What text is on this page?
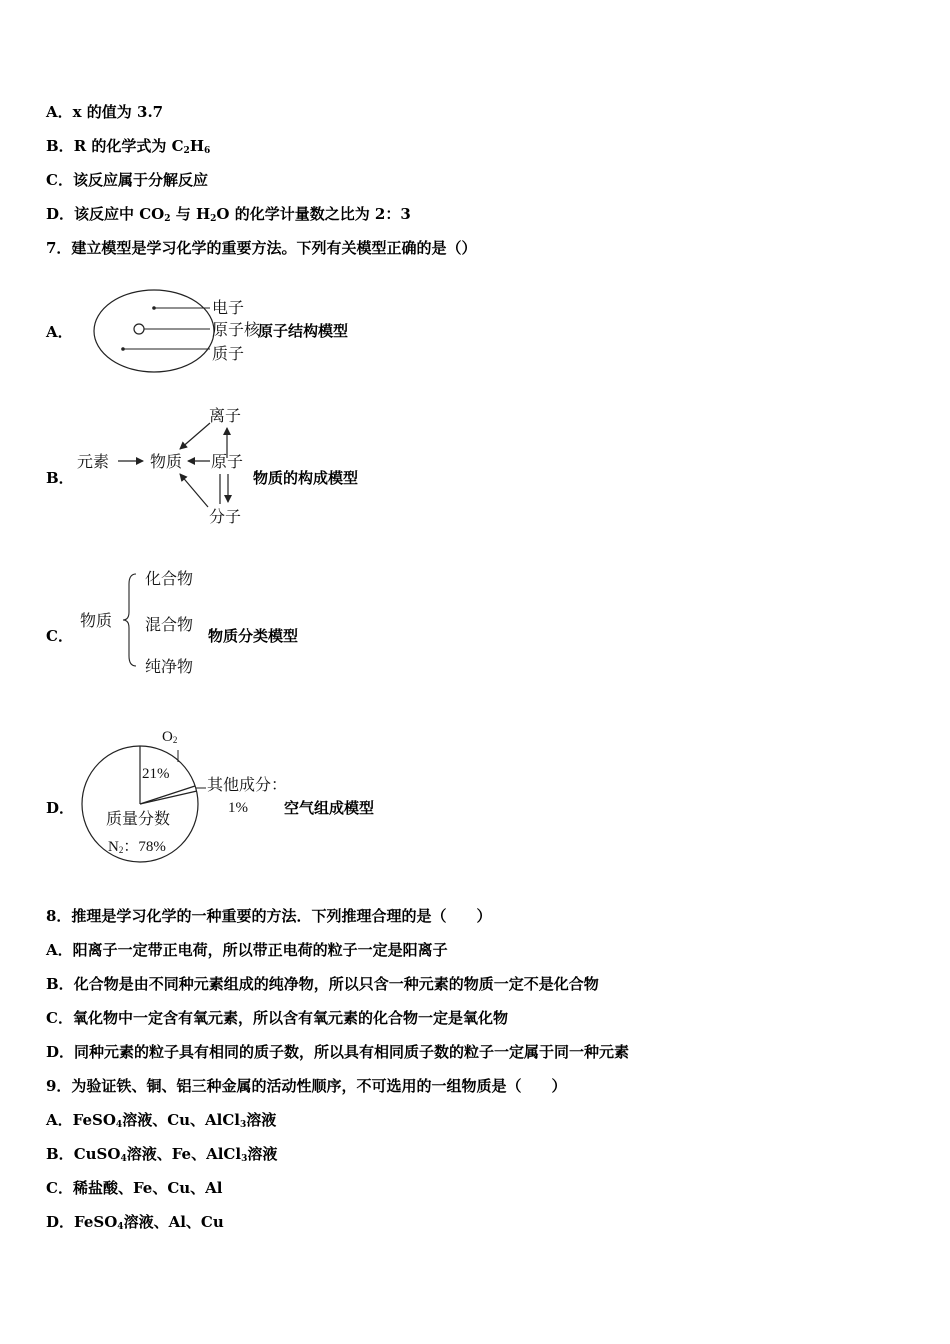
A．x 的值为 3.7
B．R 的化学式为 $C_2H_6$
C．该反应属于分解反应
D．该反应中 $CO_2$ 与 $H_2O$ 的化学计量数之比为 2：3
7．建立模型是学习化学的重要方法。下列有关模型正确的是（）
A．
电子
原子核
质子
原子结构模型
B．
元素	物质 原子
离子
分子
物质的构成模型
C．
物质
化合物
混合物
纯净物
物质分类模型
D．
$O_2$
21%
其他成分：
1%
质量分数
$N_2$：78%
空气组成模型
8．推理是学习化学的一种重要的方法．下列推理合理的是（　　）
A．阳离子一定带正电荷，所以带正电荷的粒子一定是阳离子
B．化合物是由不同种元素组成的纯净物，所以只含一种元素的物质一定不是化合物
C．氧化物中一定含有氧元素，所以含有氧元素的化合物一定是氧化物
D．同种元素的粒子具有相同的质子数，所以具有相同质子数的粒子一定属于同一种元素
9．为验证铁、铜、铝三种金属的活动性顺序，不可选用的一组物质是（　　）
A．FeSO$_4$溶液、Cu、AlCl$_3$溶液
B．CuSO$_4$溶液、Fe、AlCl$_3$溶液
C．稀盐酸、Fe、Cu、Al
D．FeSO$_4$溶液、Al、Cu
